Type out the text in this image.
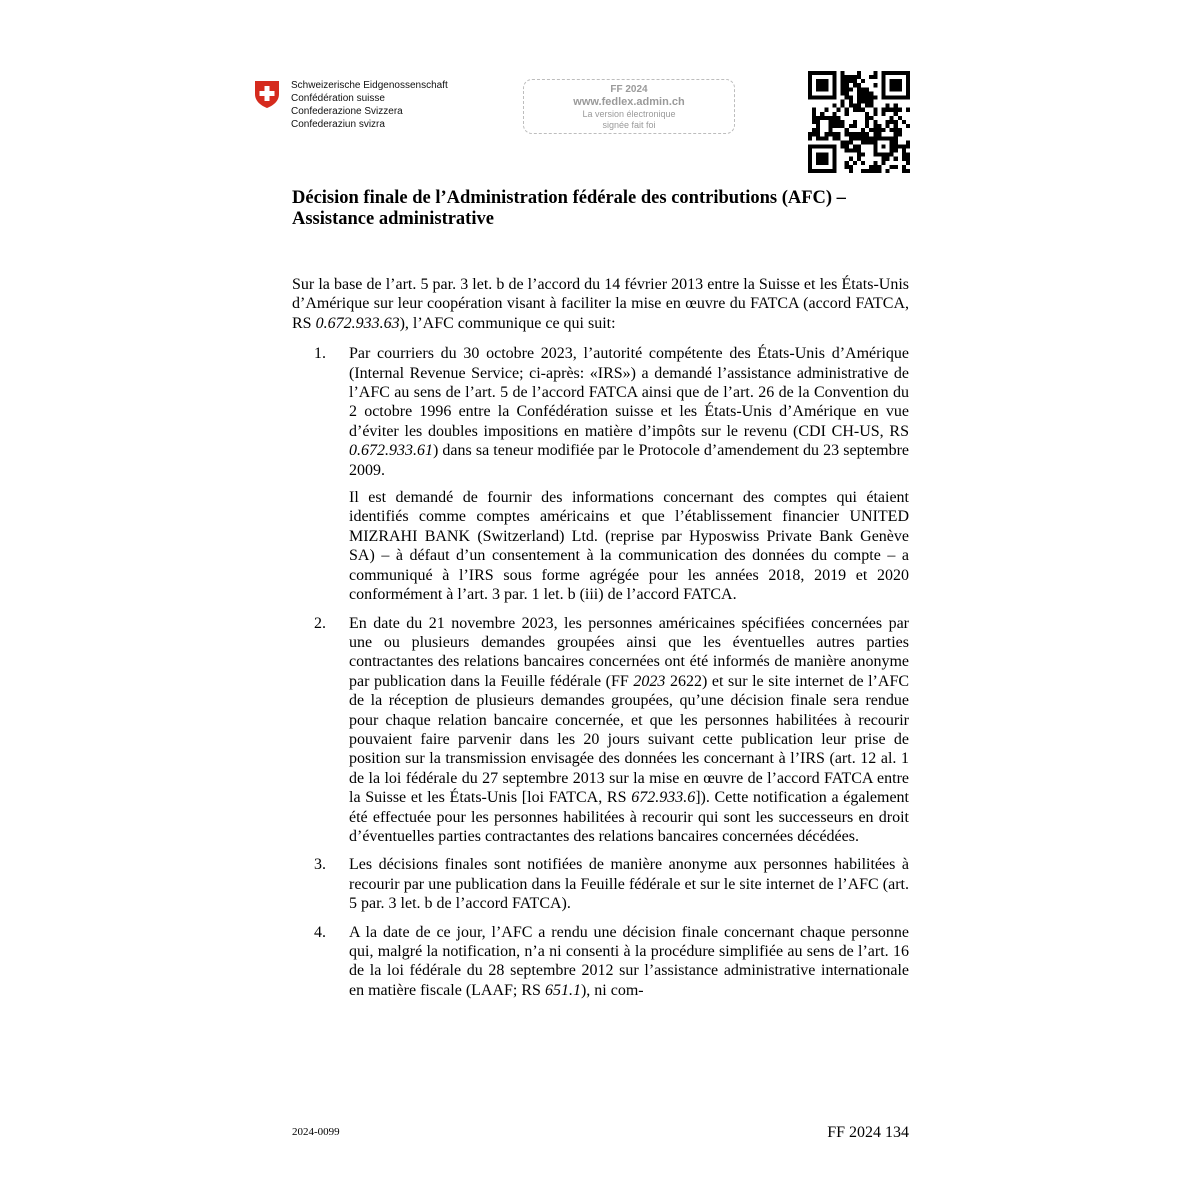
Schweizerische Eidgenossenschaft
Confédération suisse
Confederazione Svizzera
Confederaziun svizra
FF 2024
www.fedlex.admin.ch
La version électronique
signée fait foi
Décision finale de l’Administration fédérale des contributions (AFC) –
Assistance administrative

Sur la base de l’art. 5 par. 3 let. b de l’accord du 14 février 2013 entre la Suisse et les États-Unis d’Amérique sur leur coopération visant à faciliter la mise en œuvre du FATCA (accord FATCA, RS 0.672.933.63), l’AFC communique ce qui suit:

1. Par courriers du 30 octobre 2023, l’autorité compétente des États-Unis d’Amérique (Internal Revenue Service; ci-après: «IRS») a demandé l’assistance administrative de l’AFC au sens de l’art. 5 de l’accord FATCA ainsi que de l’art. 26 de la Convention du 2 octobre 1996 entre la Confédération suisse et les États-Unis d’Amérique en vue d’éviter les doubles impositions en matière d’impôts sur le revenu (CDI CH-US, RS 0.672.933.61) dans sa teneur modifiée par le Protocole d’amendement du 23 septembre 2009.

Il est demandé de fournir des informations concernant des comptes qui étaient identifiés comme comptes américains et que l’établissement financier UNITED MIZRAHI BANK (Switzerland) Ltd. (reprise par Hyposwiss Private Bank Genève SA) – à défaut d’un consentement à la communication des données du compte – a communiqué à l’IRS sous forme agrégée pour les années 2018, 2019 et 2020 conformément à l’art. 3 par. 1 let. b (iii) de l’accord FATCA.

2. En date du 21 novembre 2023, les personnes américaines spécifiées concernées par une ou plusieurs demandes groupées ainsi que les éventuelles autres parties contractantes des relations bancaires concernées ont été informés de manière anonyme par publication dans la Feuille fédérale (FF 2023 2622) et sur le site internet de l’AFC de la réception de plusieurs demandes groupées, qu’une décision finale sera rendue pour chaque relation bancaire concernée, et que les personnes habilitées à recourir pouvaient faire parvenir dans les 20 jours suivant cette publication leur prise de position sur la transmission envisagée des données les concernant à l’IRS (art. 12 al. 1 de la loi fédérale du 27 septembre 2013 sur la mise en œuvre de l’accord FATCA entre la Suisse et les États-Unis [loi FATCA, RS 672.933.6]). Cette notification a également été effectuée pour les personnes habilitées à recourir qui sont les successeurs en droit d’éventuelles parties contractantes des relations bancaires concernées décédées.

3. Les décisions finales sont notifiées de manière anonyme aux personnes habilitées à recourir par une publication dans la Feuille fédérale et sur le site internet de l’AFC (art. 5 par. 3 let. b de l’accord FATCA).

4. A la date de ce jour, l’AFC a rendu une décision finale concernant chaque personne qui, malgré la notification, n’a ni consenti à la procédure simplifiée au sens de l’art. 16 de la loi fédérale du 28 septembre 2012 sur l’assistance administrative internationale en matière fiscale (LAAF; RS 651.1), ni com-

2024-0099	FF 2024 134
